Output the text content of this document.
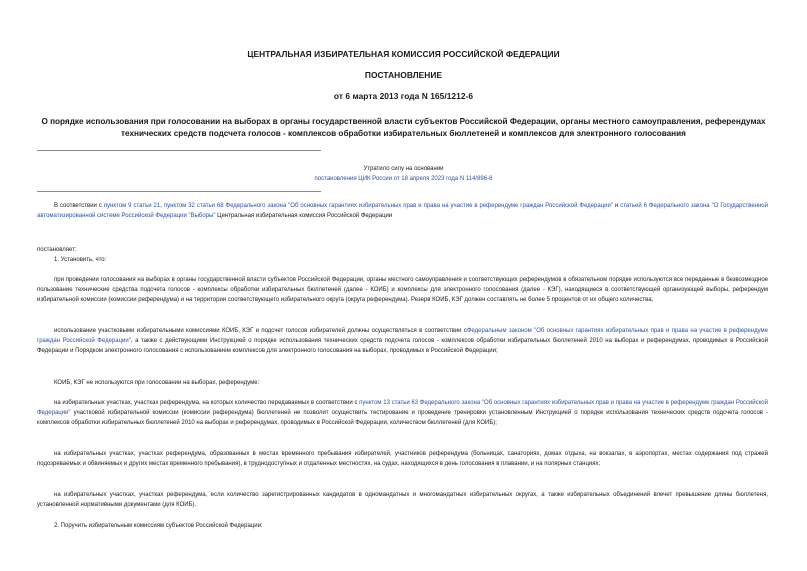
ЦЕНТРАЛЬНАЯ ИЗБИРАТЕЛЬНАЯ КОМИССИЯ РОССИЙСКОЙ ФЕДЕРАЦИИ
ПОСТАНОВЛЕНИЕ
от 6 марта 2013 года N 165/1212-6
О порядке использования при голосовании на выборах в органы государственной власти субъектов Российской Федерации, органы местного самоуправления, референдумах технических средств подсчета голосов - комплексов обработки избирательных бюллетеней и комплексов для электронного голосования
Утратило силу на основании
постановления ЦИК России от 18 апреля 2023 года N 114/896-8
В соответствии с пунктом 9 статьи 21, пунктом 32 статьи 68 Федерального закона "Об основных гарантиях избирательных прав и права на участие в референдуме граждан Российской Федерации" и статьей 6 Федерального закона "О Государственной автоматизированной системе Российской Федерации "Выборы" Центральная избирательная комиссия Российской Федерации
постановляет:
1. Установить, что:
при проведении голосования на выборах в органы государственной власти субъектов Российской Федерации, органы местного самоуправления и соответствующих референдумов в обязательном порядке используются все переданные в безвозмездное пользование технические средства подсчета голосов - комплексы обработки избирательных бюллетеней (далее - КОИБ) и комплексы для электронного голосования (далее - КЭГ), находящиеся в соответствующей организующей выборы, референдум избирательной комиссии (комиссии референдума) и на территории соответствующего избирательного округа (округа референдума). Резерв КОИБ, КЭГ должен составлять не более 5 процентов от их общего количества;
использование участковыми избирательными комиссиями КОИБ, КЭГ и подсчет голосов избирателей должны осуществляться в соответствии сФедеральным законом "Об основных гарантиях избирательных прав и права на участие в референдуме граждан Российской Федерации", а также с действующими Инструкцией о порядке использования технических средств подсчета голосов - комплексов обработки избирательных бюллетеней 2010 на выборах и референдумах, проводимых в Российской Федерации и Порядком электронного голосования с использованием комплексов для электронного голосования на выборах, проводимых в Российской Федерации;
КОИБ, КЭГ не используются при голосовании на выборах, референдуме:
на избирательных участках, участках референдума, на которых количество передаваемых в соответствии с пунктом 13 статьи 63 Федерального закона "Об основных гарантиях избирательных прав и права на участие в референдуме граждан Российской Федерации" участковой избирательной комиссии (комиссии референдума) бюллетеней не позволит осуществить тестирование и проведение тренировки установленным Инструкцией о порядке использования технических средств подсчета голосов - комплексов обработки избирательных бюллетеней 2010 на выборах и референдумах, проводимых в Российской Федерации, количеством бюллетеней (для КОИБ);
на избирательных участках, участках референдума, образованных в местах временного пребывания избирателей, участников референдума (больницах, санаториях, домах отдыха, на вокзалах, в аэропортах, местах содержания под стражей подозреваемых и обвиняемых и других местах временного пребывания), в труднодоступных и отдаленных местностях, на судах, находящихся в день голосования в плавании, и на полярных станциях;
на избирательных участках, участках референдума, если количество зарегистрированных кандидатов в одномандатных и многомандатных избирательных округах, а также избирательных объединений влечет превышение длины бюллетеня, установленной нормативными документами (для КОИБ).
2. Поручить избирательным комиссиям субъектов Российской Федерации:
